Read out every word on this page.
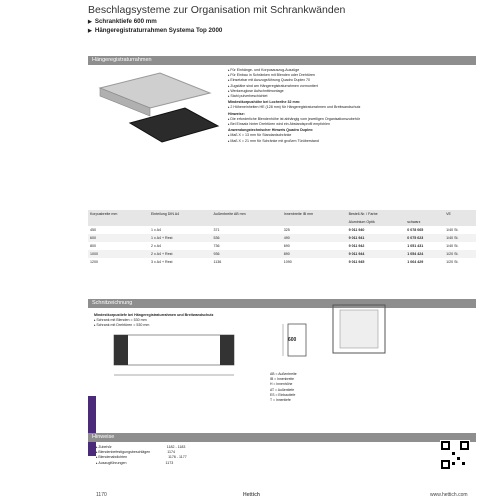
Beschlagsysteme zur Organisation mit Schrankwänden
▶ Schranktiefe 600 mm
▶ Hängeregistraturrahmen Systema Top 2000
Hängeregistraturrahmen
▸ Für Einhänge- und Korpusauszug-Auszüge
▸ Für Einbau in Schränken mit Blenden oder Drehtüren
▸ Einsetzbar mit Auszugsführung Quadro Duplex 70
▸ Zugstäbe sind am Hängeregistraturrahmen vormontiert
▸ Werkzeuglose Aufschnittmontage
▸ Stahl pulverbeschichtet
Mindestkorpushöhe bei Lochreihe 32 mm:
▸ 2 Höheneinheiten HE (128 mm) für Hängeregistraturrahmen und Breitwandschutz
Hinweise:
▸ Die erforderliche Blendenhöhe ist abhängig vom jeweiligen Organisationszubehör
▸ Bei Einsatz hinter Drehtüren wird ein Abstandsprofil empfohlen
Anwendungstechnischer Hinweis Quadro Duplex:
▸ Maß X = 13 mm für Standardschränke
▸ Maß X = 21 mm für Schränke mit großem Türüberstand
Korpusbreite mm	Einteilung DIN A4	Außenbreite AB mm	Innenbreite IB mm	Bestell-Nr. / Farbe		VE
				Aluminium Optik	schwarz	
450	1 x A4	371	325	9 011 940	0 078 065	1/40 St.
600	1 x A4 + Rest	536	490	9 011 941	0 075 623	1/40 St.
800	2 x A4	736	690	9 011 942	1 051 431	1/40 St.
1000	2 x A4 + Rest	936	890	9 011 944	1 054 424	1/20 St.
1200	3 x A4 + Rest	1136	1090	9 011 945	1 064 429	1/20 St.
Schnitzeichnung
Mindestkorpustiefe bei Hängeregistraturrahmen und Breitwandschutz
▸ Schrank mit Blenden = 530 mm
▸ Schrank mit Drehtüren = 530 mm
600
AB = Außenbreite
IB = Innenbreite
H = Innenhöhe
AT = Außentiefe
ES = Einbautiefe
T = Innentiefe
Hinweise
▸ Zubehör	1182 - 1183
▸ Blendenbefestigungsbeschlägen	1174
▸ Blendenabdichten	1176 - 1177
▸ Auszugführungen	1173
1170	Hettich	www.hettich.com
